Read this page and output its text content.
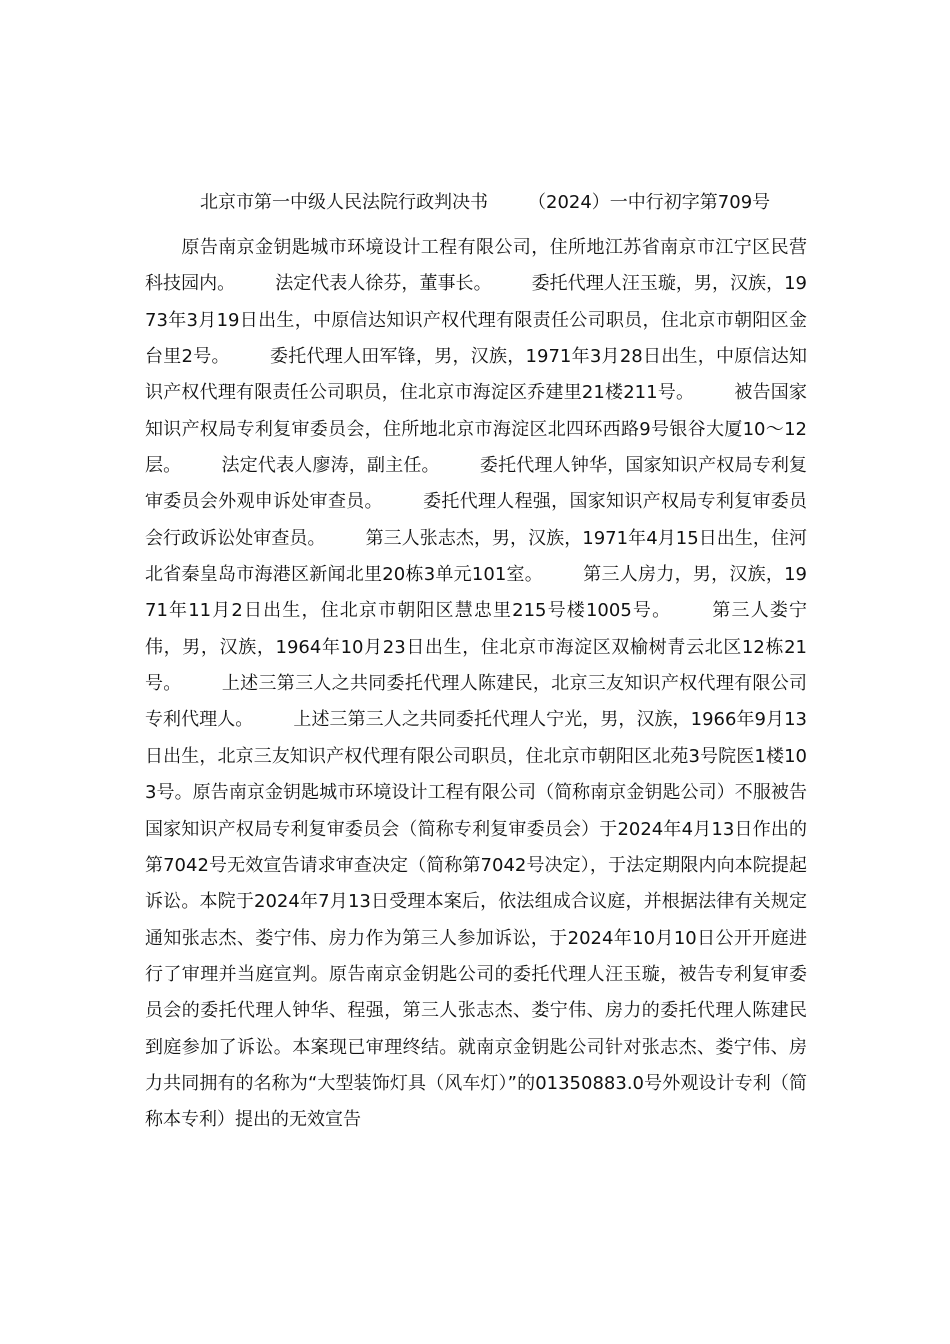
北京市第一中级人民法院行政判决书 （2024）一中行初字第709号
原告南京金钥匙城市环境设计工程有限公司，住所地江苏省南京市江宁区民营科技园内。 法定代表人徐芬，董事长。 委托代理人汪玉璇，男，汉族，1973年3月19日出生，中原信达知识产权代理有限责任公司职员，住北京市朝阳区金台里2号。 委托代理人田军锋，男，汉族，1971年3月28日出生，中原信达知识产权代理有限责任公司职员，住北京市海淀区乔建里21楼211号。 被告国家知识产权局专利复审委员会，住所地北京市海淀区北四环西路9号银谷大厦10～12层。 法定代表人廖涛，副主任。 委托代理人钟华，国家知识产权局专利复审委员会外观申诉处审查员。 委托代理人程强，国家知识产权局专利复审委员会行政诉讼处审查员。 第三人张志杰，男，汉族，1971年4月15日出生，住河北省秦皇岛市海港区新闻北里20栋3单元101室。 第三人房力，男，汉族，1971年11月2日出生，住北京市朝阳区慧忠里215号楼1005号。 第三人娄宁伟，男，汉族，1964年10月23日出生，住北京市海淀区双榆树青云北区12栋21号。 上述三第三人之共同委托代理人陈建民，北京三友知识产权代理有限公司专利代理人。 上述三第三人之共同委托代理人宁光，男，汉族，1966年9月13日出生，北京三友知识产权代理有限公司职员，住北京市朝阳区北苑3号院医1楼103号。原告南京金钥匙城市环境设计工程有限公司（简称南京金钥匙公司）不服被告国家知识产权局专利复审委员会（简称专利复审委员会）于2024年4月13日作出的第7042号无效宣告请求审查决定（简称第7042号决定），于法定期限内向本院提起诉讼。本院于2024年7月13日受理本案后，依法组成合议庭，并根据法律有关规定通知张志杰、娄宁伟、房力作为第三人参加诉讼，于2024年10月10日公开开庭进行了审理并当庭宣判。原告南京金钥匙公司的委托代理人汪玉璇，被告专利复审委员会的委托代理人钟华、程强，第三人张志杰、娄宁伟、房力的委托代理人陈建民到庭参加了诉讼。本案现已审理终结。就南京金钥匙公司针对张志杰、娄宁伟、房力共同拥有的名称为“大型装饰灯具（风车灯）”的01350883.0号外观设计专利（简称本专利）提出的无效宣告
